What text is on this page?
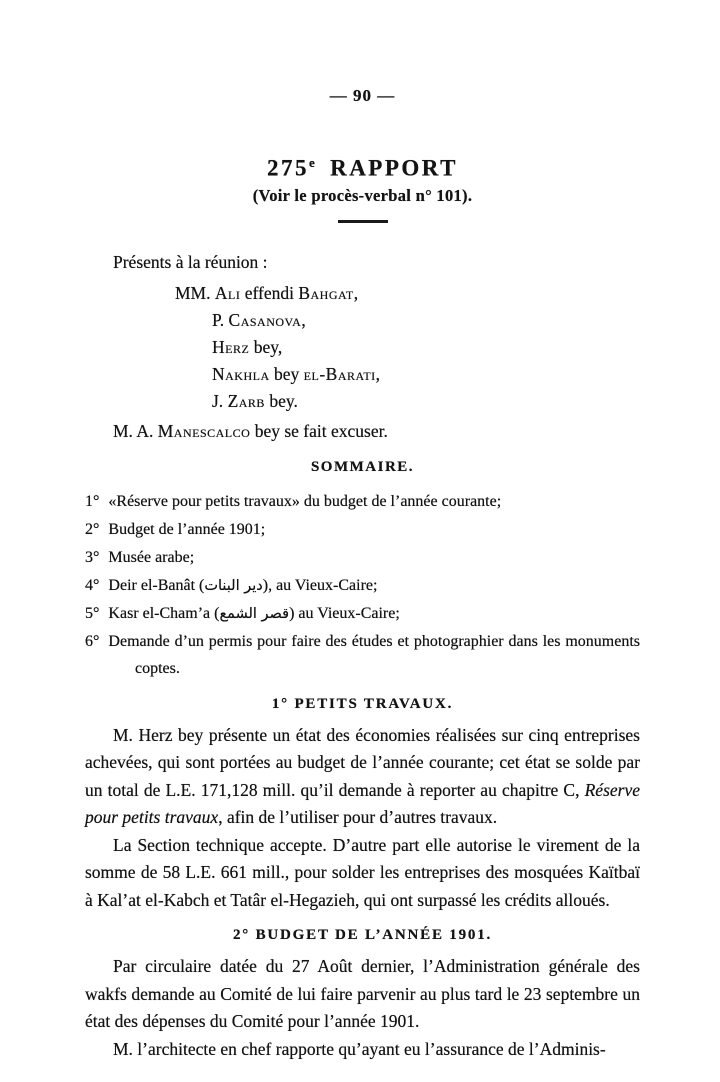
— 90 —
275e RAPPORT
(Voir le procès-verbal n° 101).

Présents à la réunion :

MM. Ali effendi Bahgat,
P. Casanova,
Herz bey,
Nakhla bey el-Barati,
J. Zarb bey.

M. A. Manescalco bey se fait excuser.

SOMMAIRE.
1° «Réserve pour petits travaux» du budget de l’année courante;
2° Budget de l’année 1901;
3° Musée arabe;
4° Deir el-Banât (دير البنات), au Vieux-Caire;
5° Kasr el-Cham’a (قصر الشمع) au Vieux-Caire;
6° Demande d’un permis pour faire des études et photographier dans les monuments coptes.
1° PETITS TRAVAUX.

M. Herz bey présente un état des économies réalisées sur cinq entreprises achevées, qui sont portées au budget de l’année courante; cet état se solde par un total de L.E. 171,128 mill. qu’il demande à reporter au chapitre C, Réserve pour petits travaux, afin de l’utiliser pour d’autres travaux.

La Section technique accepte. D’autre part elle autorise le virement de la somme de 58 L.E. 661 mill., pour solder les entreprises des mosquées Kaïtbaï à Kal’at el-Kabch et Tatâr el-Hegazieh, qui ont surpassé les crédits alloués.

2° BUDGET DE L’ANNÉE 1901.

Par circulaire datée du 27 Août dernier, l’Administration générale des wakfs demande au Comité de lui faire parvenir au plus tard le 23 septembre un état des dépenses du Comité pour l’année 1901.

M. l’architecte en chef rapporte qu’ayant eu l’assurance de l’Adminis-
